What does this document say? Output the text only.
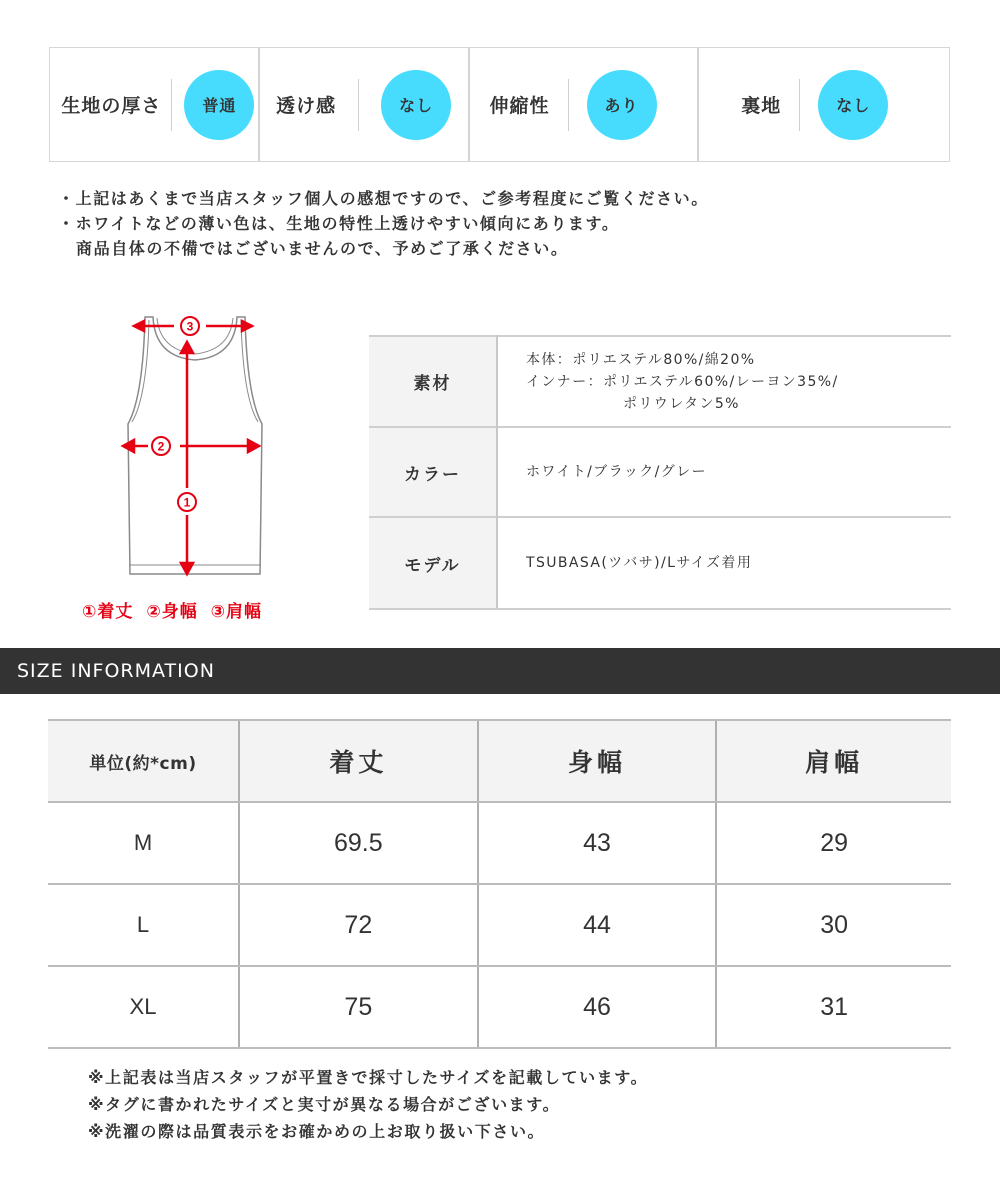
生地の厚さ	普通	透け感	なし	伸縮性	あり	裏地	なし
・上記はあくまで当店スタッフ個人の感想ですので、ご参考程度にご覧ください。
・ホワイトなどの薄い色は、生地の特性上透けやすい傾向にあります。
商品自体の不備ではございませんので、予めご了承ください。
3
2
1
①着丈 ②身幅 ③肩幅
素材	本体：ポリエステル80%/綿20%
インナー：ポリエステル60%/レーヨン35%/
ポリウレタン5%

カラー	ホワイト/ブラック/グレー
モデル	TSUBASA(ツバサ)/Lサイズ着用
SIZE INFORMATION
単位(約*cm)	着丈	身幅	肩幅
M	69.5	43	29
L	72	44	30
XL	75	46	31
※上記表は当店スタッフが平置きで採寸したサイズを記載しています。
※タグに書かれたサイズと実寸が異なる場合がございます。
※洗濯の際は品質表示をお確かめの上お取り扱い下さい。
